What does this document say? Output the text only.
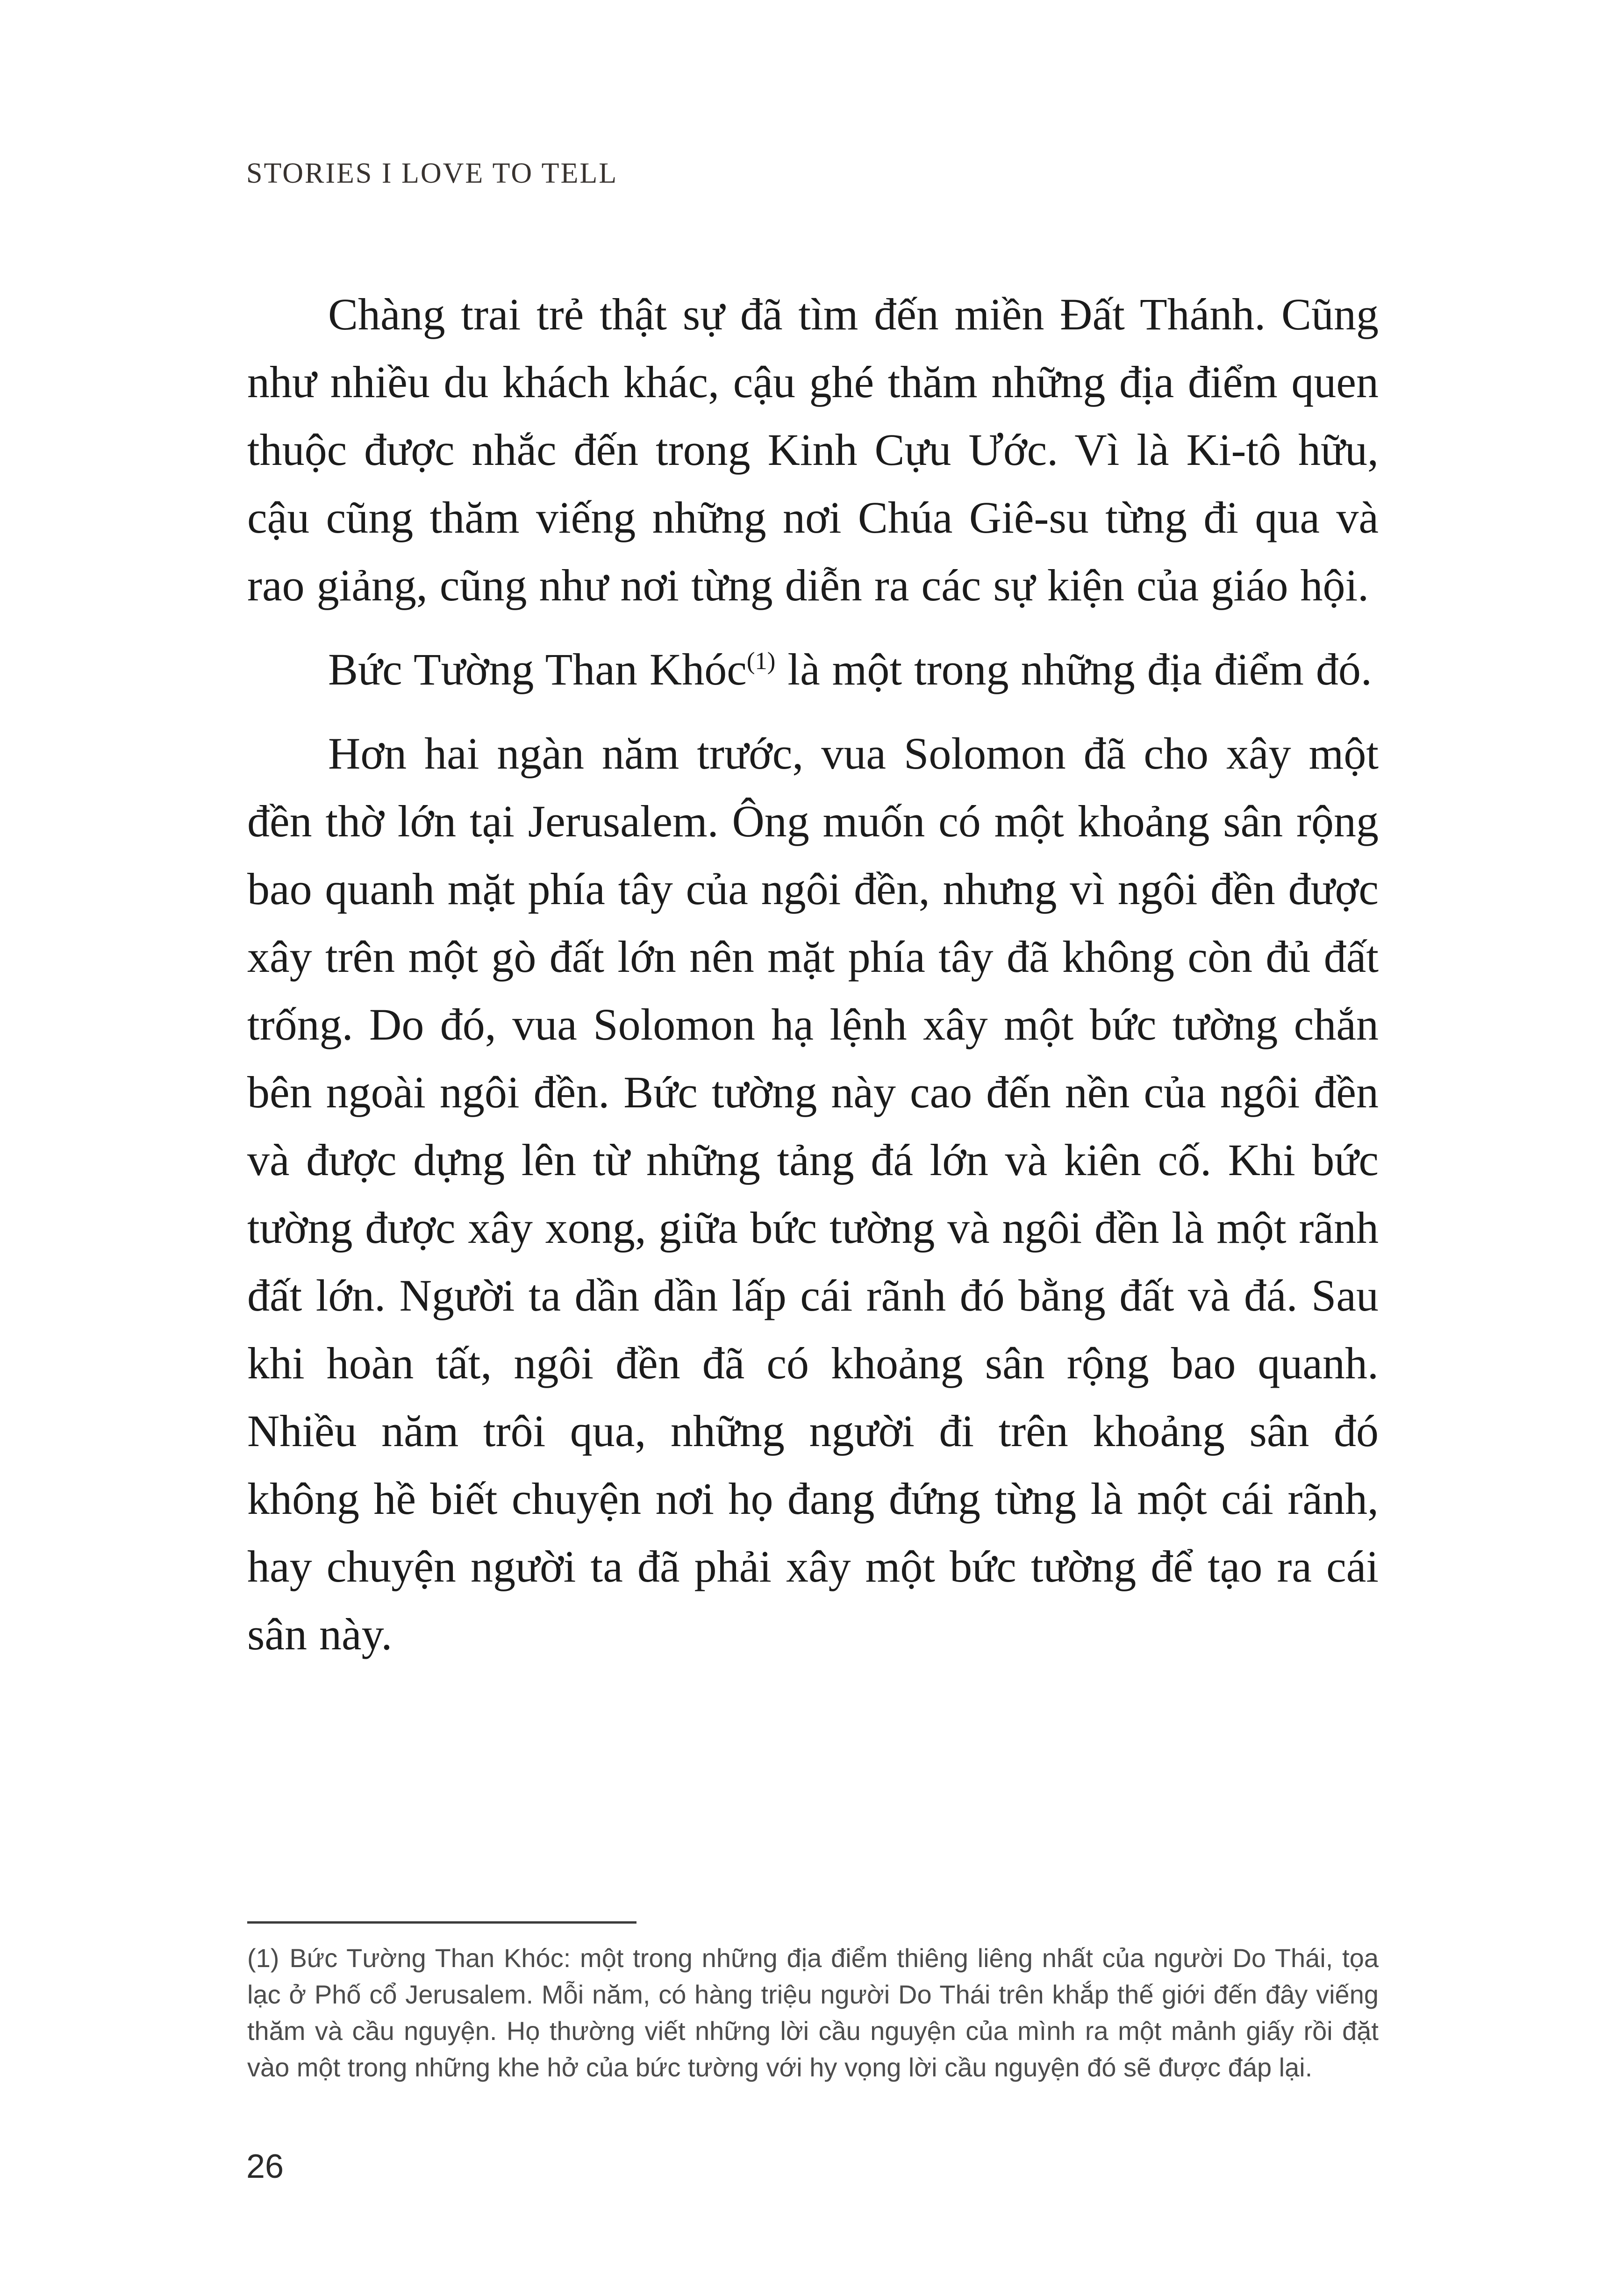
STORIES I LOVE TO TELL

Chàng trai trẻ thật sự đã tìm đến miền Đất Thánh. Cũng như nhiều du khách khác, cậu ghé thăm những địa điểm quen thuộc được nhắc đến trong Kinh Cựu Ước. Vì là Ki-tô hữu, cậu cũng thăm viếng những nơi Chúa Giê-su từng đi qua và rao giảng, cũng như nơi từng diễn ra các sự kiện của giáo hội.

Bức Tường Than Khóc$^{(1)}$ là một trong những địa điểm đó.

Hơn hai ngàn năm trước, vua Solomon đã cho xây một đền thờ lớn tại Jerusalem. Ông muốn có một khoảng sân rộng bao quanh mặt phía tây của ngôi đền, nhưng vì ngôi đền được xây trên một gò đất lớn nên mặt phía tây đã không còn đủ đất trống. Do đó, vua Solomon hạ lệnh xây một bức tường chắn bên ngoài ngôi đền. Bức tường này cao đến nền của ngôi đền và được dựng lên từ những tảng đá lớn và kiên cố. Khi bức tường được xây xong, giữa bức tường và ngôi đền là một rãnh đất lớn. Người ta dần dần lấp cái rãnh đó bằng đất và đá. Sau khi hoàn tất, ngôi đền đã có khoảng sân rộng bao quanh. Nhiều năm trôi qua, những người đi trên khoảng sân đó không hề biết chuyện nơi họ đang đứng từng là một cái rãnh, hay chuyện người ta đã phải xây một bức tường để tạo ra cái sân này.

(1) Bức Tường Than Khóc: một trong những địa điểm thiêng liêng nhất của người Do Thái, tọa lạc ở Phố cổ Jerusalem. Mỗi năm, có hàng triệu người Do Thái trên khắp thế giới đến đây viếng thăm và cầu nguyện. Họ thường viết những lời cầu nguyện của mình ra một mảnh giấy rồi đặt vào một trong những khe hở của bức tường với hy vọng lời cầu nguyện đó sẽ được đáp lại.

26
